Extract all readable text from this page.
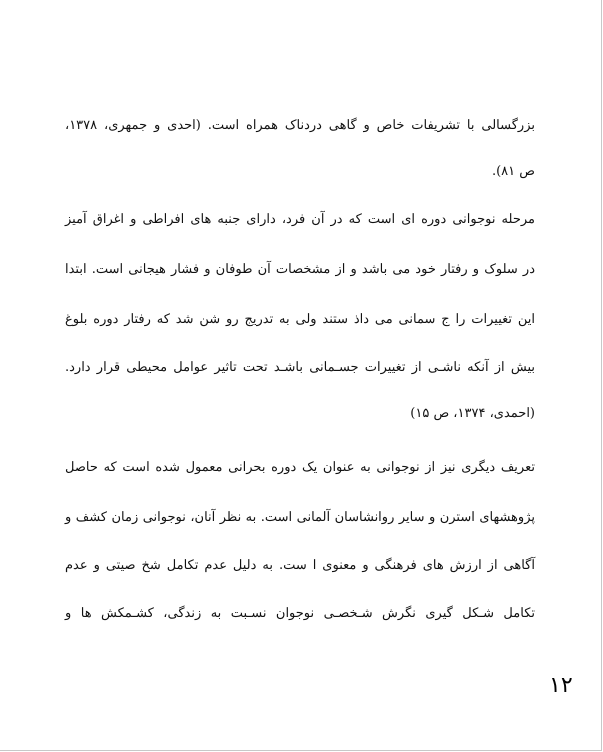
بزرگسالی با تشریفات خاص و گاهی دردناک همراه است. (احدی و جمهری، ۱۳۷۸،
ص ۸۱).
مرحله نوجوانی دوره ای است که در آن فرد، دارای جنبه های افراطی و اغراق آمیز
در سلوک و رفتار خود می باشد و از مشخصات آن طوفان و فشار هیجانی است. ابتدا
این تغییرات را ج سمانی می داذ ستند ولی به تدریج رو شن شد که رفتار دوره بلوغ
بیش از آنکه ناشـی از تغییرات جسـمانی باشـد تحت تاثیر عوامل محیطی قرار دارد.
(احمدی، ۱۳۷۴، ص ۱۵)
تعریف دیگری نیز از نوجوانی به عنوان یک دوره بحرانی معمول شده است که حاصل
پژوهشهای استرن و سایر روانشاسان آلمانی است. به نظر آنان، نوجوانی زمان کشف و
آگاهی از ارزش های فرهنگی و معنوی ا ست. به دلیل عدم تکامل شخ صیتی و عدم
تکامل شـکل گیری نگرش شـخصـی نوجوان نسـبت به زندگی، کشـمکش ها و
۱۲
